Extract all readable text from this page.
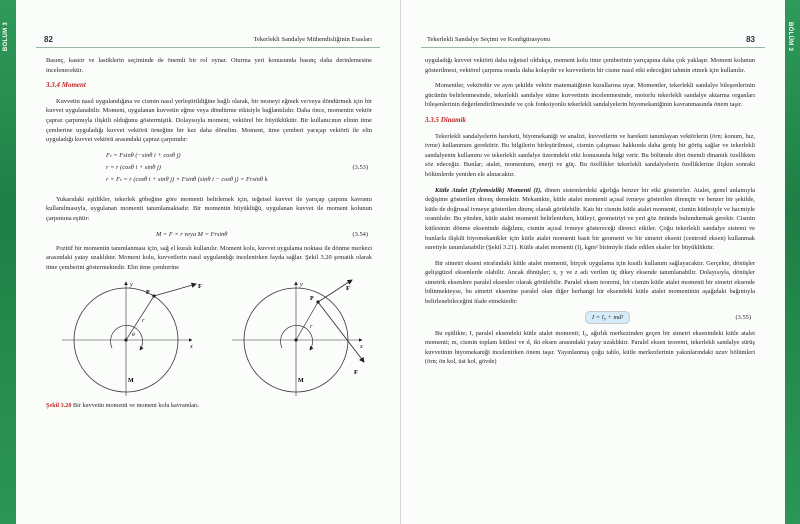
BÖLÜM 3	BÖLÜM 3
82	Tekerlekli Sandalye Mühendisliğinin Esasları

Basınç, kastor ve lastiklerin seçiminde de önemli bir rol oynar. Oturma yeri konusunda basınç daha derinlemesine incelenecektir.

3.3.4 Moment

Kuvvetin nasıl uygulandığına ve cismin nasıl yerleştirildiğine bağlı olarak, bir nesneyi eğmek ve/veya döndürmek için bir kuvvet uygulanabilir. Moment, uygulanan kuvvetin eğme veya döndürme etkisiyle bağlantılıdır. Daha önce, momentin vektör çapraz çarpımıyla ilişkili olduğunu göstermiştik. Dolayısıyla moment, vektörel bir büyüklüktür. Bir kullanıcının elinin itme çemberine uyguladığı kuvvet vektörü örneğine bir kez daha dönelim. Moment, itme çemberi yarıçap vektörü ile elin uyguladığı kuvvet vektörü arasındaki çapraz çarpımdır:

Fₜ = Fsinθ (−sinθ i + cosθ j)
r = r (cosθ i + sinθ j)
r × Fₜ = r (cosθ i + sinθ j) × Fsinθ (sinθ i − cosθ j) = Frsinθ k
(3.53)

Yukarıdaki eşitlikler, tekerlek göbeğine göre momenti belirlemek için, teğetsel kuvvet ile yarıçap çarpımı kavramı kullanılmasıyla, uygulanan momenti tanımlamaktadır. Bir momentin büyüklüğü, uygulanan kuvvet ile moment kolunun çarpımına eşittir:

M = F × r veya M = Frsinθ	(3.54)

Pozitif bir momentin tanımlanması için, sağ el kuralı kullanılır. Moment kolu, kuvvet uygulama noktası ile dönme merkezi arasındaki yatay uzaklıktır. Moment kolu, kuvvetlerin nasıl uygulandığı incelenirken fayda sağlar. Şekil 3.20 şematik olarak itme çemberini göstermektedir. Elin itme çemberine

y
x
F
P
M
r
θ
y
x
F
F
P
M
r
Şekil 3.20 Bir kuvvetin momenti ve moment kolu kavramları.
Tekerlekli Sandalye Seçimi ve Konfigürasyonu	83

uyguladığı kuvvet vektörü daha teğetsel oldukça, moment kolu itme çemberinin yarıçapına daha çok yaklaşır. Moment kolunun gösterilmesi, vektörel çarpıma oranla daha kolaydır ve kuvvetlerin bir cisme nasıl etki edeceğini tahmin etmek için kullanılır.

Momentler, vektördür ve aynı şekilde vektör matematiğinin kurallarına uyar. Momentler, tekerlekli sandalye bileşenlerinin gücünün belirlenmesinde, tekerlekli sandalye süme kuvvetinin incelenmesinde, motorlu tekerlekli sandalye aktarma organları bileşenlerinin değerlendirilmesinde ve çok fonksiyonlu tekerlekli sandalyelerin biyomekaniğinin kavranmasında önem taşır.

3.3.5 Dinamik

Tekerlekli sandalyelerin hareketi, biyomekaniği ve analizi, kuvvetlerin ve hareketi tanımlayan vektörlerin (örn; konum, hız, ivme) kullanımını gerektirir. Bu bilgilerin birleştirilmesi, cismin çalışması hakkında daha geniş bir görüş sağlar ve tekerlekli sandalyenin kullanımı ve tekerlekli sandalye üzerindeki etki konusunda bilgi verir. Bu bölümde dört önemli dinamik özellikten söz edeceğiz. Bunlar; atalet, momentum, enerji ve güç. Bu özellikler tekerlekli sandalyelerin özelliklerine ilişkin sonraki bölümlerde yeniden ele alınacaktır.

Kütle Atalet (Eylemsizlik) Momenti (I), dönen sistemlerdeki ağırlığa benzer bir etki gösterirler. Atalet, genel anlamıyla değişime gösterilen direnç demektir. Mekanikte, kütle atalet momenti açısal ivmeye gösterilen dirençtir ve benzer bir şekilde, kütle de doğrusal ivmeye gösterilen direnç olarak görülebilir. Katı bir cismin kütle atalet momenti, cismin kütlesiyle ve hacmiyle orantılıdır. Bu yüzden, kütle atalet momenti belirlenirken, kütleyi, geometriyi ve yeri göz önünde bulundurmak gerekir. Cismin kütlesinin dönme ekseninde dağılımı, cismin açısal ivmeye göstereceği direnci etkiler. Çoğu tekerlekli sandalye sistemi ve bunlarla ilişkili biyomekanikler için kütle atalet momenti basit bir geometri ve bir simetri ekseni (centroid eksen) kullanmak suretiyle tanımlanabilir (Şekil 3.21). Kütle atalet momenti (I), kgm² birimiyle ifade edilen skaler bir büyüklüktür.

Bir simetri ekseni etrafındaki kütle atalet momenti, birçok uygulama için kısıtlı kullanım sağlayacaktır. Gerçekte, dönüşler gelişigüzel eksenlerde olabilir. Ancak dönüşler; x, y ve z adı verilen üç dikey eksende tanımlanabilir. Dolayısıyla, dönüşler simetrik eksenlere paralel eksenler olarak görülebilir. Paralel eksen teoremi, bir cismin kütle atalet momenti bir simetri eksende bilinmekteyse, bu simetri eksenine paralel olan diğer herhangi bir eksendeki kütle atalet momentinin aşağıdaki bağıntıyla belirlenebileceğini ifade etmektedir:

I = I₀ + md²	(3.55)

Bu eşitlikte; I, paralel eksendeki kütle atalet momenti; I₀, ağırlık merkezinden geçen bir simetri eksenindeki kütle atalet momenti; m, cismin toplam kütlesi ve d, iki eksen arasındaki yatay uzaklıktır. Paralel eksen teoremi, tekerlekli sandalye sürüş kuvvetinin biyomekaniği incelenirken önem taşır. Yayınlanmış çoğu tablo, kütle merkezlerinin yakınlarındaki uzuv bölümleri (örn; ön kol, üst kol, gövde)
